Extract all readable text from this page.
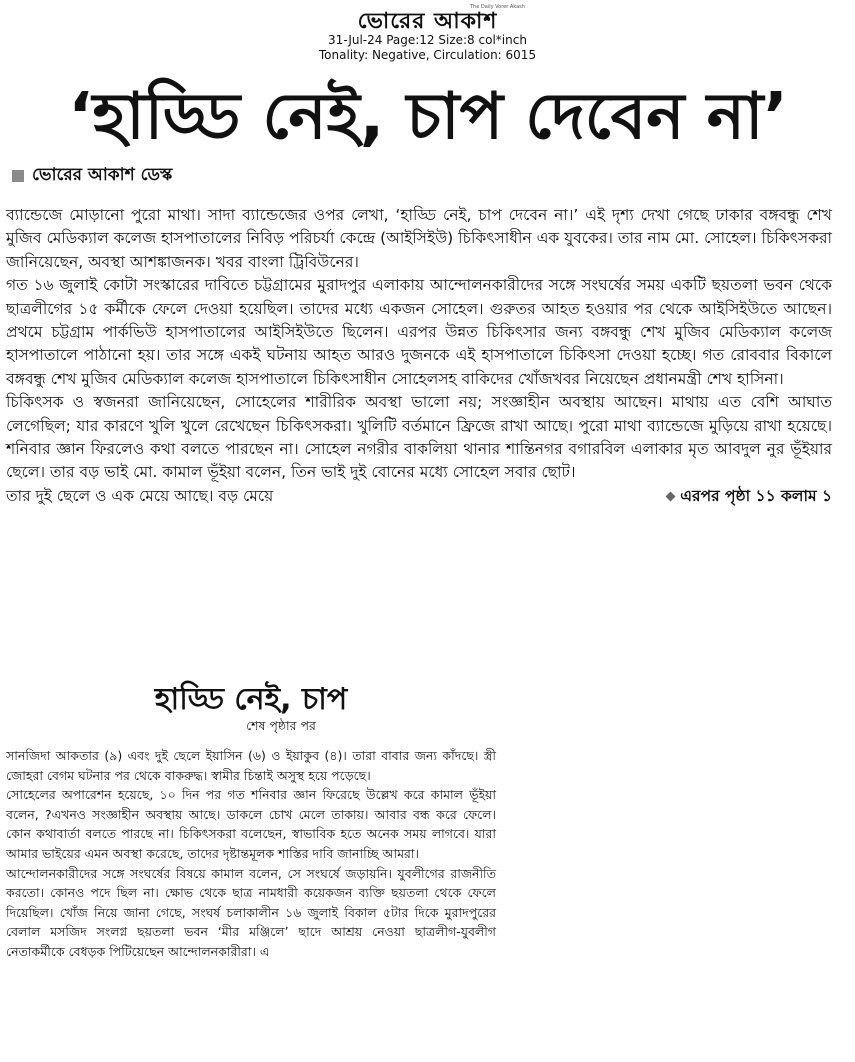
ভোরের আকাশ
The Daily Vorer Akash
31-Jul-24 Page:12 Size:8 col*inch
Tonality: Negative, Circulation: 6015
‘হাড্ডি নেই, চাপ দেবেন না’
ভোরের আকাশ ডেস্ক

ব্যান্ডেজে মোড়ানো পুরো মাথা। সাদা ব্যান্ডেজের ওপর লেখা, ‘হাড্ডি নেই, চাপ দেবেন না।’ এই দৃশ্য দেখা গেছে ঢাকার বঙ্গবন্ধু শেখ মুজিব মেডিক্যাল কলেজ হাসপাতালের নিবিড় পরিচর্যা কেন্দ্রে (আইসিইউ) চিকিৎসাধীন এক যুবকের। তার নাম মো. সোহেল। চিকিৎসকরা জানিয়েছেন, অবস্থা আশঙ্কাজনক। খবর বাংলা ট্রিবিউনের।

গত ১৬ জুলাই কোটা সংস্কারের দাবিতে চট্টগ্রামের মুরাদপুর এলাকায় আন্দোলনকারীদের সঙ্গে সংঘর্ষের সময় একটি ছয়তলা ভবন থেকে ছাত্রলীগের ১৫ কর্মীকে ফেলে দেওয়া হয়েছিল। তাদের মধ্যে একজন সোহেল। গুরুতর আহত হওয়ার পর থেকে আইসিইউতে আছেন। প্রথমে চট্টগ্রাম পার্কভিউ হাসপাতালের আইসিইউতে ছিলেন। এরপর উন্নত চিকিৎসার জন্য বঙ্গবন্ধু শেখ মুজিব মেডিক্যাল কলেজ হাসপাতালে পাঠানো হয়। তার সঙ্গে একই ঘটনায় আহত আরও দুজনকে এই হাসপাতালে চিকিৎসা দেওয়া হচ্ছে। গত রোববার বিকালে বঙ্গবন্ধু শেখ মুজিব মেডিক্যাল কলেজ হাসপাতালে চিকিৎসাধীন সোহেলসহ বাকিদের খোঁজখবর নিয়েছেন প্রধানমন্ত্রী শেখ হাসিনা।

চিকিৎসক ও স্বজনরা জানিয়েছেন, সোহেলের শারীরিক অবস্থা ভালো নয়; সংজ্ঞাহীন অবস্থায় আছেন। মাথায় এত বেশি আঘাত লেগেছিল; যার কারণে খুলি খুলে রেখেছেন চিকিৎসকরা। খুলিটি বর্তমানে ফ্রিজে রাখা আছে। পুরো মাথা ব্যান্ডেজে মুড়িয়ে রাখা হয়েছে। শনিবার জ্ঞান ফিরলেও কথা বলতে পারছেন না। সোহেল নগরীর বাকলিয়া থানার শান্তিনগর বগারবিল এলাকার মৃত আবদুল নুর ভূঁইয়ার ছেলে। তার বড় ভাই মো. কামাল ভূঁইয়া বলেন, তিন ভাই দুই বোনের মধ্যে সোহেল সবার ছোট।

তার দুই ছেলে ও এক মেয়ে আছে। বড় মেয়ে	এরপর পৃষ্ঠা ১১ কলাম ১

হাড্ডি নেই, চাপ
শেষ পৃষ্ঠার পর

সানজিদা আকতার (৯) এবং দুই ছেলে ইয়াসিন (৬) ও ইয়াকুব (৪)। তারা বাবার জন্য কাঁদছে। স্ত্রী জোহরা বেগম ঘটনার পর থেকে বাকরুদ্ধ। স্বামীর চিন্তাই অসুস্থ হয়ে পড়েছে।

সোহেলের অপারেশন হয়েছে, ১০ দিন পর গত শনিবার জ্ঞান ফিরেছে উল্লেখ করে কামাল ভূঁইয়া বলেন, ?এখনও সংজ্ঞাহীন অবস্থায় আছে। ডাকলে চোখ মেলে তাকায়। আবার বন্ধ করে ফেলে। কোন কথাবার্তা বলতে পারছে না। চিকিৎসকরা বলেছেন, স্বাভাবিক হতে অনেক সময় লাগবে। যারা আমার ভাইয়ের এমন অবস্থা করেছে, তাদের দৃষ্টান্তমূলক শাস্তির দাবি জানাচ্ছি আমরা।

আন্দোলনকারীদের সঙ্গে সংঘর্ষের বিষয়ে কামাল বলেন, সে সংঘর্ষে জড়ায়নি। যুবলীগের রাজনীতি করতো। কোনও পদে ছিল না। ক্ষোভ থেকে ছাত্র নামধারী কয়েকজন ব্যক্তি ছয়তলা থেকে ফেলে দিয়েছিল। খোঁজ নিয়ে জানা গেছে, সংঘর্ষ চলাকালীন ১৬ জুলাই বিকাল ৫টার দিকে মুরাদপুরের বেলাল মসজিদ সংলগ্ন ছয়তলা ভবন ‘মীর মঞ্জিলে’ ছাদে আশ্রয় নেওয়া ছাত্রলীগ-যুবলীগ নেতাকর্মীকে বেধড়ক পিটিয়েছেন আন্দোলনকারীরা। এ
